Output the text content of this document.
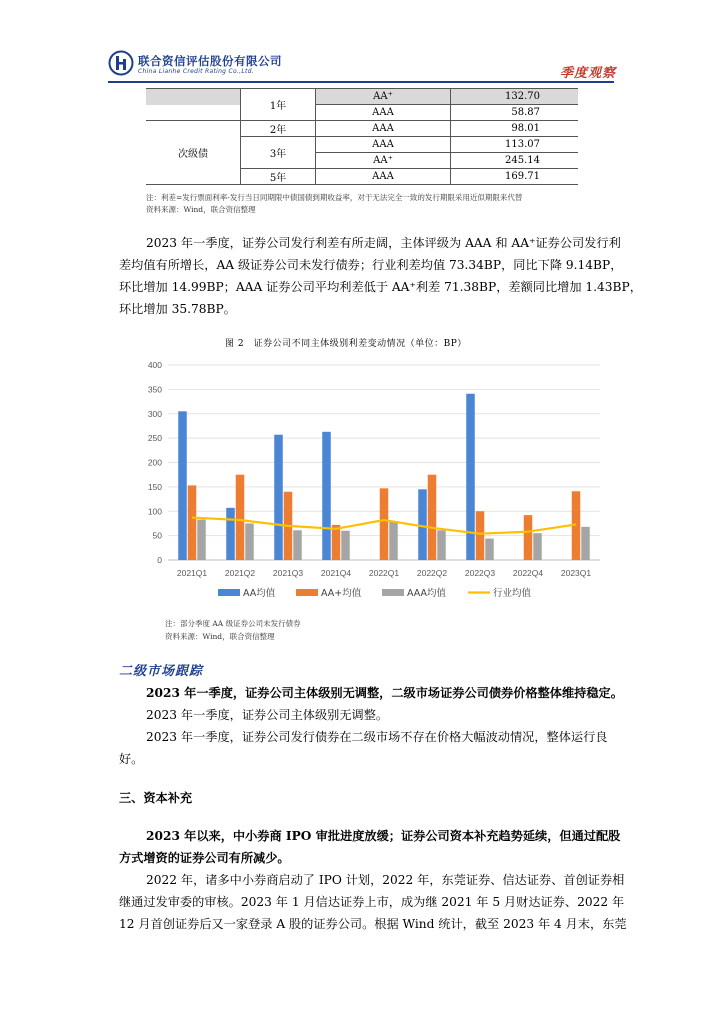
联合资信评估股份有限公司
China Lianhe Credit Rating Co.,Ltd.	季度观察
	1年	AA⁺	132.70
		AAA	58.87
次级债	2年	AAA	98.01
	3年	AAA	113.07
		AA⁺	245.14
	5年	AAA	169.71
注：利差=发行票面利率-发行当日同期限中债国债到期收益率，对于无法完全一致的发行期限采用近似期限来代替
资料来源：Wind，联合资信整理
2023 年一季度，证券公司发行利差有所走阔，主体评级为 AAA 和 AA⁺证券公司发行利
差均值有所增长，AA 级证券公司未发行债券；行业利差均值 73.34BP，同比下降 9.14BP，
环比增加 14.99BP；AAA 证券公司平均利差低于 AA⁺利差 71.38BP，差额同比增加 1.43BP，
环比增加 35.78BP。
图 2　证券公司不同主体级别利差变动情况（单位：BP）
0
50
100
150
200
250
300
350
400
2021Q1 2021Q2 2021Q3 2021Q4 2022Q1 2022Q2 2022Q3 2022Q4 2023Q1
AA均值	AA+均值	AAA均值	行业均值
注：部分季度 AA 级证券公司未发行债券
资料来源：Wind，联合资信整理
二级市场跟踪
2023 年一季度，证券公司主体级别无调整，二级市场证券公司债券价格整体维持稳定。
2023 年一季度，证券公司主体级别无调整。
2023 年一季度，证券公司发行债券在二级市场不存在价格大幅波动情况，整体运行良
好。
三、资本补充
2023 年以来，中小券商 IPO 审批进度放缓；证券公司资本补充趋势延续，但通过配股
方式增资的证券公司有所减少。
2022 年，诸多中小券商启动了 IPO 计划，2022 年，东莞证券、信达证券、首创证券相
继通过发审委的审核。2023 年 1 月信达证券上市，成为继 2021 年 5 月财达证券、2022 年
12 月首创证券后又一家登录 A 股的证券公司。根据 Wind 统计，截至 2023 年 4 月末，东莞
